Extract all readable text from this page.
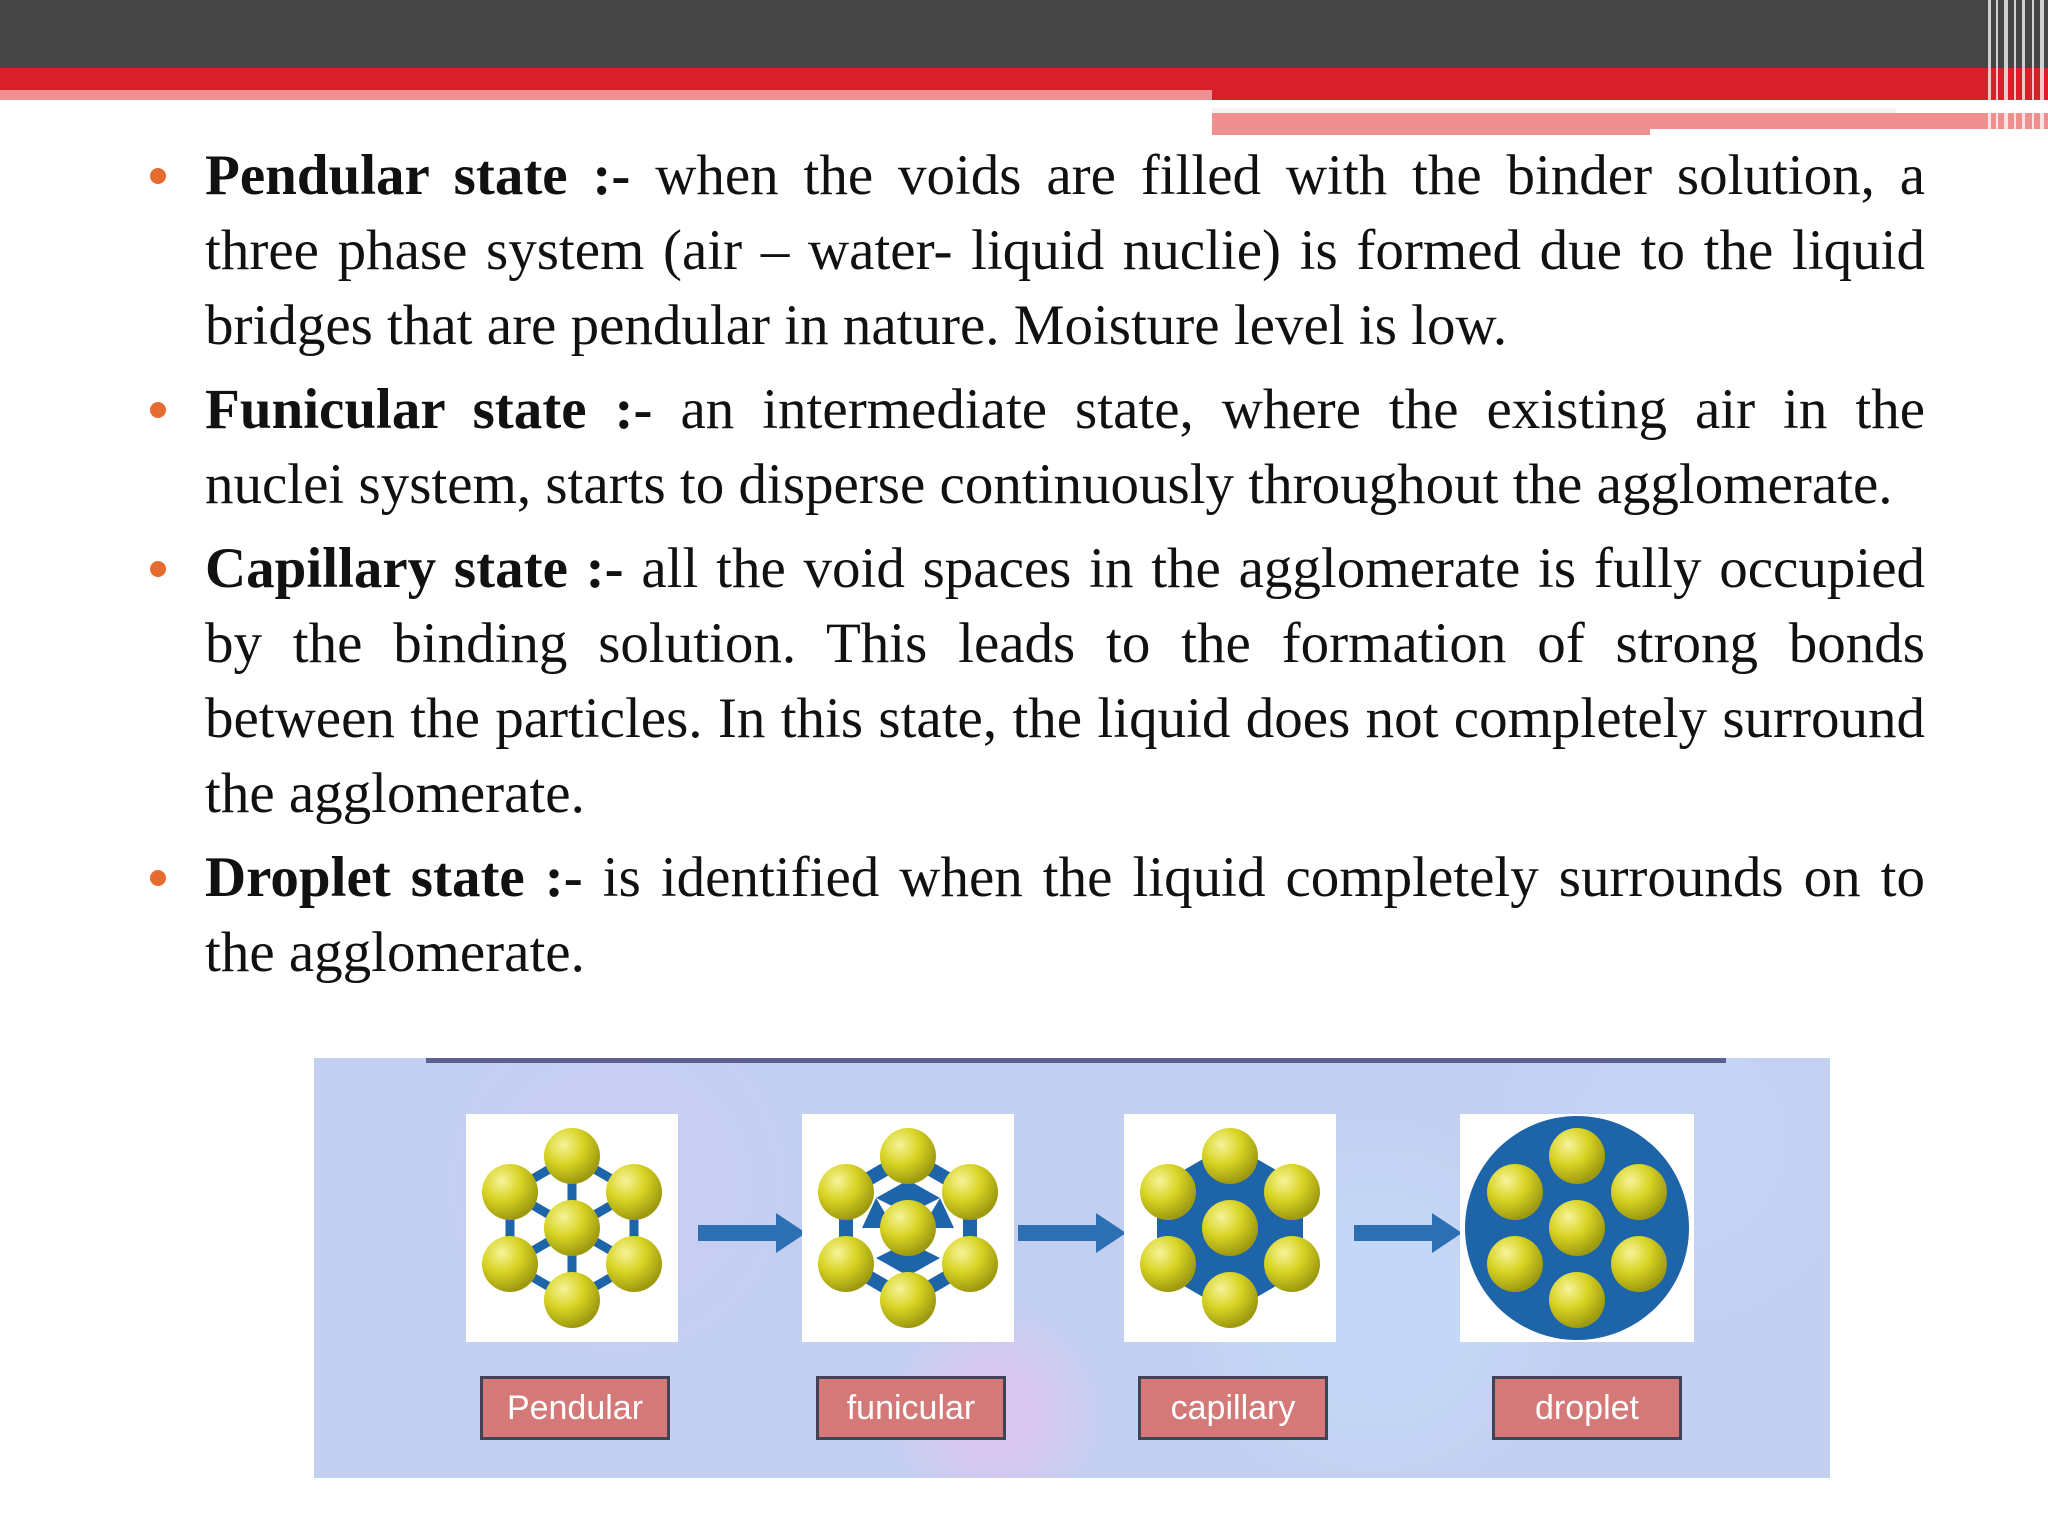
Pendular state :- when the voids are filled with the binder solution, a three phase system (air – water- liquid nuclie) is formed due to the liquid bridges that are pendular in nature. Moisture level is low.
Funicular state :- an intermediate state, where the existing air in the nuclei system, starts to disperse continuously throughout the agglomerate.
Capillary state :- all the void spaces in the agglomerate is fully occupied by the binding solution. This leads to the formation of strong bonds between the particles. In this state, the liquid does not completely surround the agglomerate.
Droplet state :- is identified when the liquid completely surrounds on to the agglomerate.
Pendular	funicular	capillary	droplet
